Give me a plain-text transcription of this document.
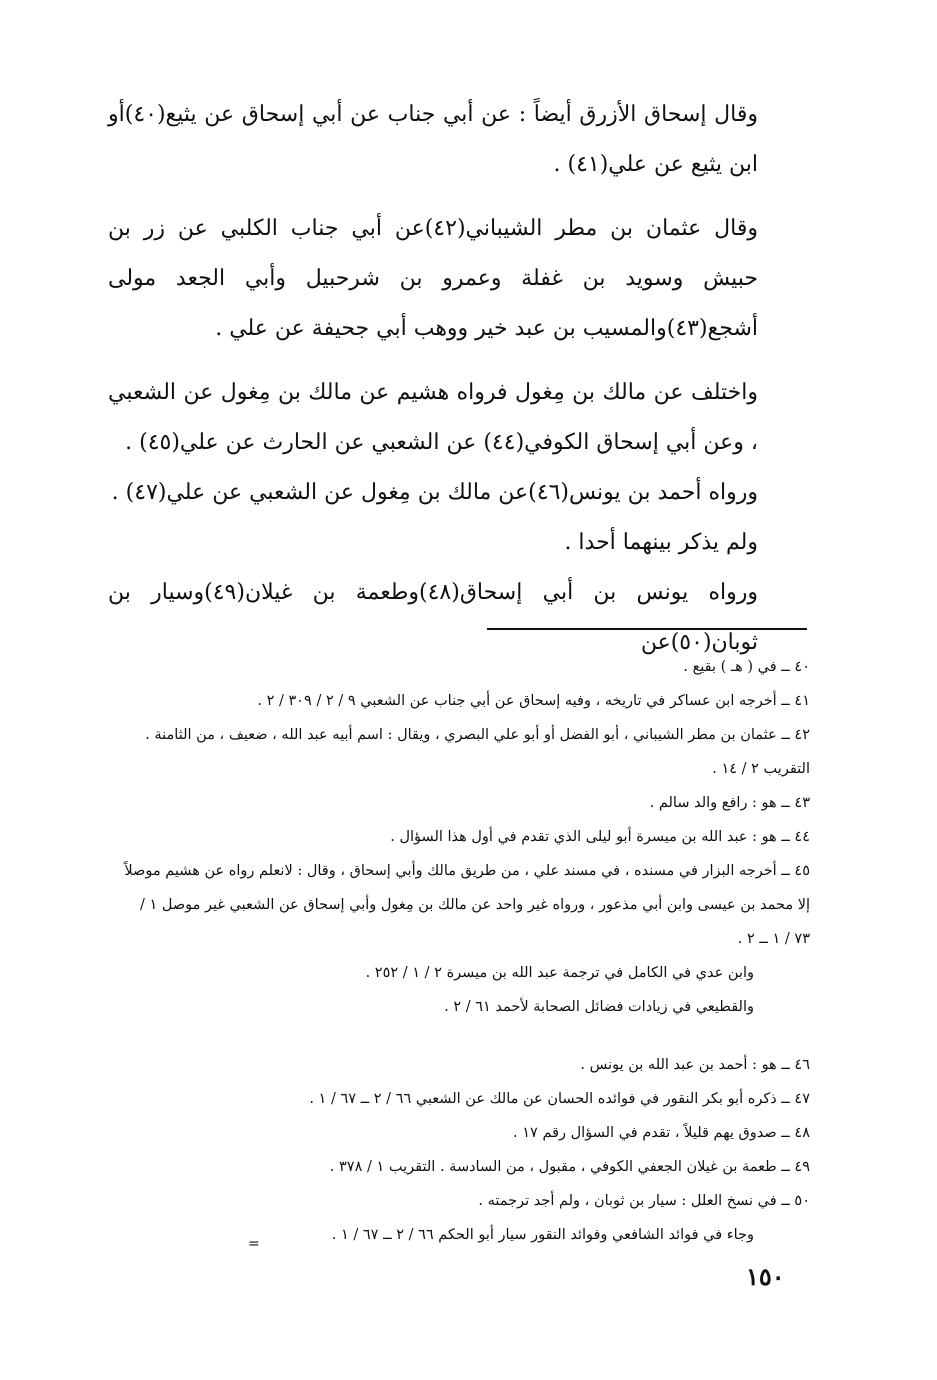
وقال إسحاق الأزرق أيضاً : عن أبي جناب عن أبي إسحاق عن يثيع(٤٠)أو ابن يثيع عن علي(٤١) .

وقال عثمان بن مطر الشيباني(٤٢)عن أبي جناب الكلبي عن زر بن حبيش وسويد بن غفلة وعمرو بن شرحبيل وأبي الجعد مولى أشجع(٤٣)والمسيب بن عبد خير ووهب أبي جحيفة عن علي .

واختلف عن مالك بن مِغول فرواه هشيم عن مالك بن مِغول عن الشعبي ، وعن أبي إسحاق الكوفي(٤٤) عن الشعبي عن الحارث عن علي(٤٥) .

ورواه أحمد بن يونس(٤٦)عن مالك بن مِغول عن الشعبي عن علي(٤٧) .

ولم يذكر بينهما أحدا .

ورواه يونس بن أبي إسحاق(٤٨)وطعمة بن غيلان(٤٩)وسيار بن ثوبان(٥٠)عن

٤٠ ــ في ( هـ ) بقيع .

٤١ ــ أخرجه ابن عساكر في تاريخه ، وفيه إسحاق عن أبي جناب عن الشعبي ٩ / ٢ / ٣٠٩ / ٢ .

٤٢ ــ عثمان بن مطر الشيباني ، أبو الفضل أو أبو علي البصري ، ويقال : اسم أبيه عبد الله ، ضعيف ، من الثامنة . التقريب ٢ / ١٤ .

٤٣ ــ هو : رافع والد سالم .

٤٤ ــ هو : عبد الله بن ميسرة أبو ليلى الذي تقدم في أول هذا السؤال .

٤٥ ــ أخرجه البزار في مسنده ، في مسند علي ، من طريق مالك وأبي إسحاق ، وقال : لانعلم رواه عن هشيم موصلاً إلا محمد بن عيسى وابن أبي مذعور ، ورواه غير واحد عن مالك بن مِغول وأبي إسحاق عن الشعبي غير موصل ١ / ٧٣ / ١ ــ ٢ .

وابن عدي في الكامل في ترجمة عبد الله بن ميسرة ٢ / ١ / ٢٥٢ .

والقطيعي في زيادات فضائل الصحابة لأحمد ٦١ / ٢ .

٤٦ ــ هو : أحمد بن عبد الله بن يونس .

٤٧ ــ ذكره أبو بكر النقور في فوائده الحسان عن مالك عن الشعبي ٦٦ / ٢ ــ ٦٧ / ١ .

٤٨ ــ صدوق يهم قليلاً ، تقدم في السؤال رقم ١٧ .

٤٩ ــ طعمة بن غيلان الجعفي الكوفي ، مقبول ، من السادسة . التقريب ١ / ٣٧٨ .

٥٠ ــ في نسخ العلل : سيار بن ثوبان ، ولم أجد ترجمته .

وجاء في فوائد الشافعي وفوائد النقور سيار أبو الحكم ٦٦ / ٢ ــ ٦٧ / ١ .

=
١٥٠
